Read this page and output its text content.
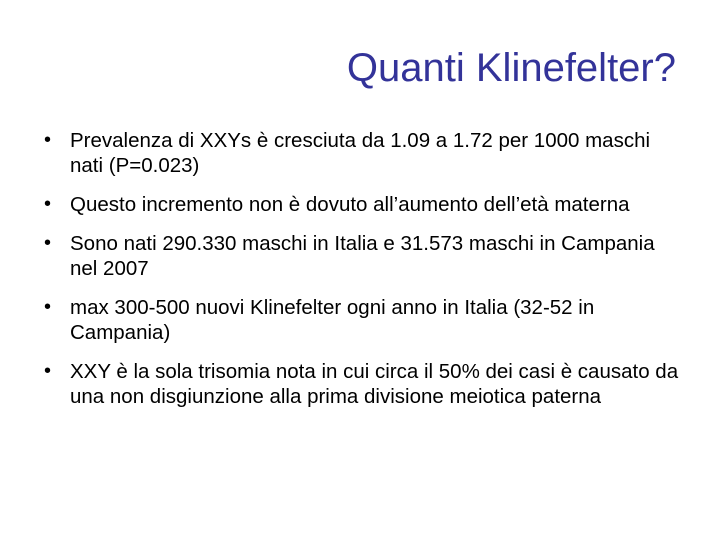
Quanti Klinefelter?
• Prevalenza di XXYs è cresciuta da 1.09 a 1.72 per 1000 maschi nati (P=0.023)
• Questo incremento non è dovuto all’aumento dell’età materna
• Sono nati 290.330 maschi in Italia e 31.573 maschi in Campania nel 2007
• max 300-500 nuovi Klinefelter ogni anno in Italia (32-52 in Campania)
• XXY è la sola trisomia nota in cui circa il 50% dei casi è causato da una non disgiunzione alla prima divisione meiotica paterna
